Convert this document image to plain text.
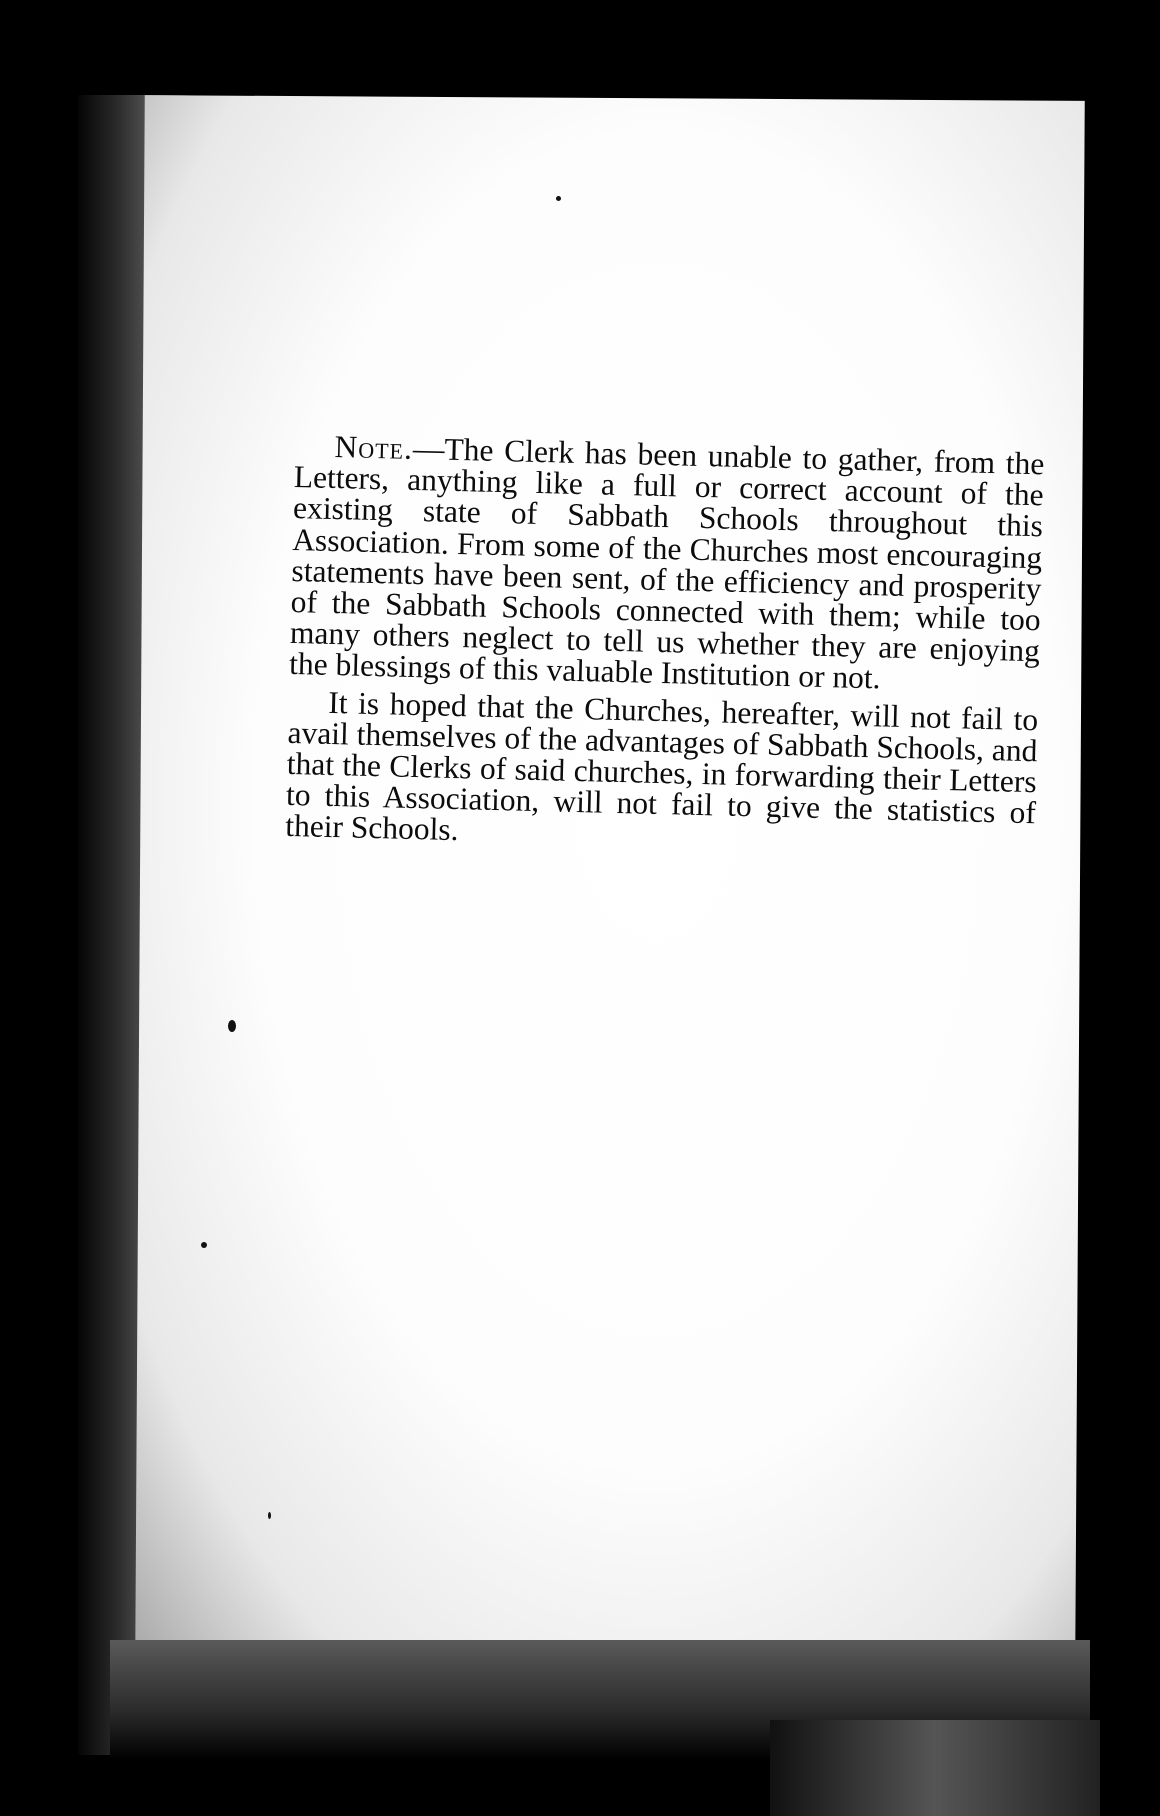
Note.—The Clerk has been unable to gather, from the Letters, anything like a full or correct account of the existing state of Sabbath Schools throughout this Association. From some of the Churches most encouraging statements have been sent, of the efficiency and prosperity of the Sabbath Schools connected with them; while too many others neglect to tell us whether they are enjoying the blessings of this valuable Institution or not.

It is hoped that the Churches, hereafter, will not fail to avail themselves of the advantages of Sabbath Schools, and that the Clerks of said churches, in forwarding their Letters to this Association, will not fail to give the statistics of their Schools.
